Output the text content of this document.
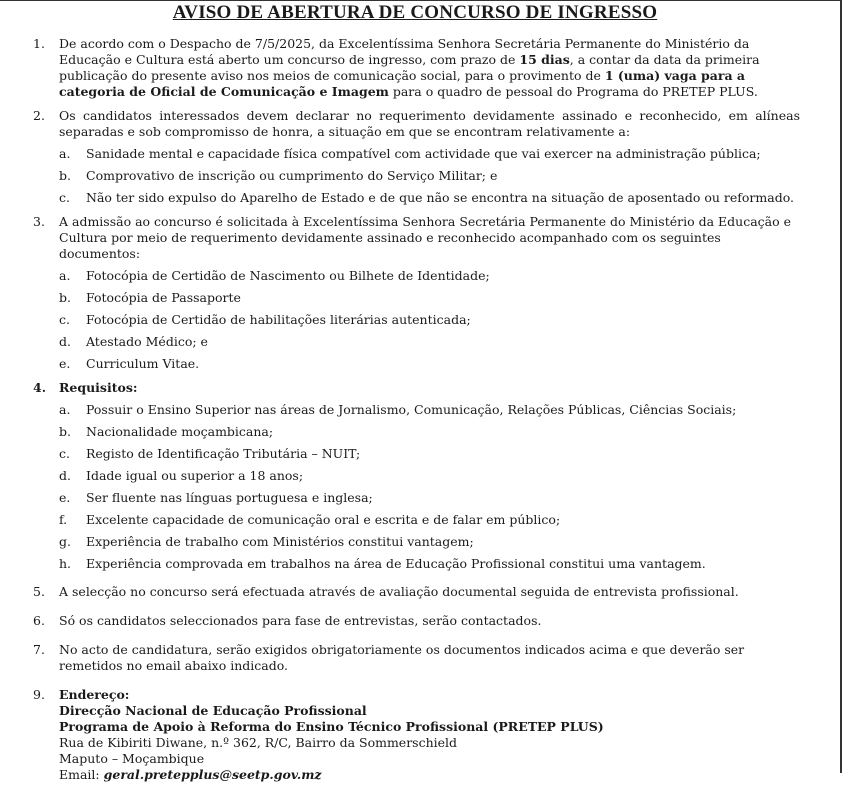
AVISO DE ABERTURA DE CONCURSO DE INGRESSO
1. De acordo com o Despacho de 7/5/2025, da Excelentíssima Senhora Secretária Permanente do Ministério da Educação e Cultura está aberto um concurso de ingresso, com prazo de 15 dias, a contar da data da primeira publicação do presente aviso nos meios de comunicação social, para o provimento de 1 (uma) vaga para a categoria de Oficial de Comunicação e Imagem para o quadro de pessoal do Programa do PRETEP PLUS.

2. Os candidatos interessados devem declarar no requerimento devidamente assinado e reconhecido, em alíneas separadas e sob compromisso de honra, a situação em que se encontram relativamente a:

a. Sanidade mental e capacidade física compatível com actividade que vai exercer na administração pública;
b. Comprovativo de inscrição ou cumprimento do Serviço Militar; e
c. Não ter sido expulso do Aparelho de Estado e de que não se encontra na situação de aposentado ou reformado.
3. A admissão ao concurso é solicitada à Excelentíssima Senhora Secretária Permanente do Ministério da Educação e Cultura por meio de requerimento devidamente assinado e reconhecido acompanhado com os seguintes documentos:

a. Fotocópia de Certidão de Nascimento ou Bilhete de Identidade;
b. Fotocópia de Passaporte
c. Fotocópia de Certidão de habilitações literárias autenticada;
d. Atestado Médico; e
e. Curriculum Vitae.
4. Requisitos:

a. Possuir o Ensino Superior nas áreas de Jornalismo, Comunicação, Relações Públicas, Ciências Sociais;
b. Nacionalidade moçambicana;
c. Registo de Identificação Tributária – NUIT;
d. Idade igual ou superior a 18 anos;
e. Ser fluente nas línguas portuguesa e inglesa;
f. Excelente capacidade de comunicação oral e escrita e de falar em público;
g. Experiência de trabalho com Ministérios constitui vantagem;
h. Experiência comprovada em trabalhos na área de Educação Profissional constitui uma vantagem.
5. A selecção no concurso será efectuada através de avaliação documental seguida de entrevista profissional.

6. Só os candidatos seleccionados para fase de entrevistas, serão contactados.

7. No acto de candidatura, serão exigidos obrigatoriamente os documentos indicados acima e que deverão ser remetidos no email abaixo indicado.

9. Endereço:

Direcção Nacional de Educação Profissional

Programa de Apoio à Reforma do Ensino Técnico Profissional (PRETEP PLUS)

Rua de Kibiriti Diwane, n.º 362, R/C, Bairro da Sommerschield

Maputo – Moçambique

Email: geral.pretepplus@seetp.gov.mz
